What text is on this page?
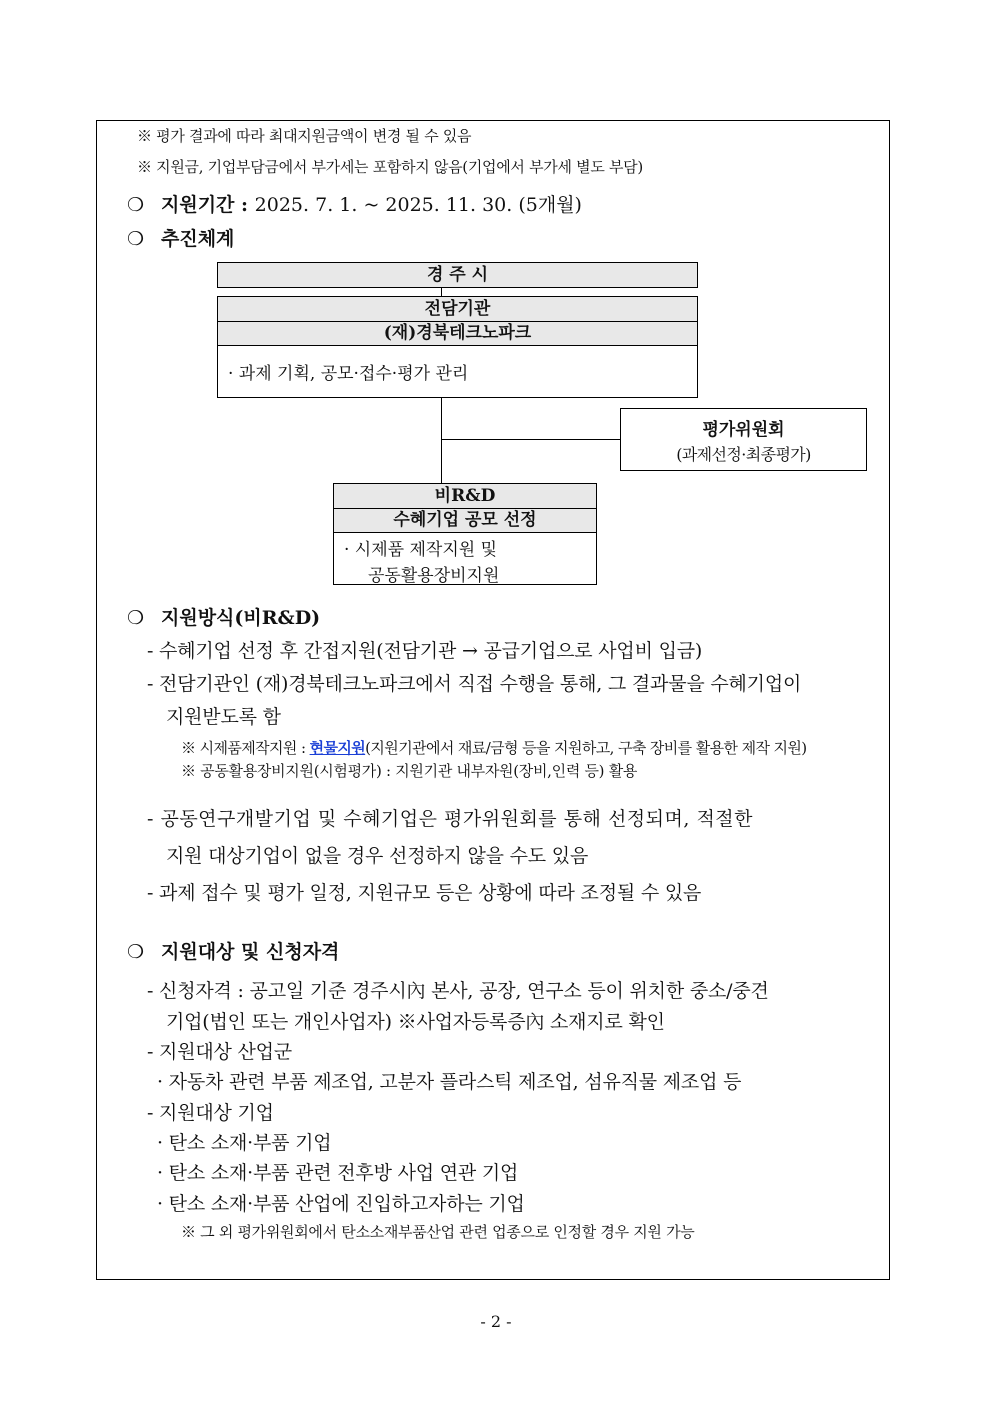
※ 평가 결과에 따라 최대지원금액이 변경 될 수 있음
※ 지원금, 기업부담금에서 부가세는 포함하지 않음(기업에서 부가세 별도 부담)
❍ 지원기간 : 2025. 7. 1. ~ 2025. 11. 30. (5개월)
❍ 추진체계
경 주 시
전담기관
(재)경북테크노파크
· 과제 기획, 공모·접수·평가 관리
평가위원회
(과제선정·최종평가)
비R&D
수혜기업 공모 선정
· 시제품 제작지원 및
공동활용장비지원
❍ 지원방식(비R&D)
- 수혜기업 선정 후 간접지원(전담기관 → 공급기업으로 사업비 입금)
- 전담기관인 (재)경북테크노파크에서 직접 수행을 통해, 그 결과물을 수혜기업이
지원받도록 함
※ 시제품제작지원 : 현물지원(지원기관에서 재료/금형 등을 지원하고, 구축 장비를 활용한 제작 지원)
※ 공동활용장비지원(시험평가) : 지원기관 내부자원(장비,인력 등) 활용
- 공동연구개발기업 및 수혜기업은 평가위원회를 통해 선정되며, 적절한
지원 대상기업이 없을 경우 선정하지 않을 수도 있음
- 과제 접수 및 평가 일정, 지원규모 등은 상황에 따라 조정될 수 있음
❍ 지원대상 및 신청자격
- 신청자격 : 공고일 기준 경주시內 본사, 공장, 연구소 등이 위치한 중소/중견
기업(법인 또는 개인사업자) ※사업자등록증內 소재지로 확인
- 지원대상 산업군
· 자동차 관련 부품 제조업, 고분자 플라스틱 제조업, 섬유직물 제조업 등
- 지원대상 기업
· 탄소 소재·부품 기업
· 탄소 소재·부품 관련 전후방 사업 연관 기업
· 탄소 소재·부품 산업에 진입하고자하는 기업
※ 그 외 평가위원회에서 탄소소재부품산업 관련 업종으로 인정할 경우 지원 가능
- 2 -
